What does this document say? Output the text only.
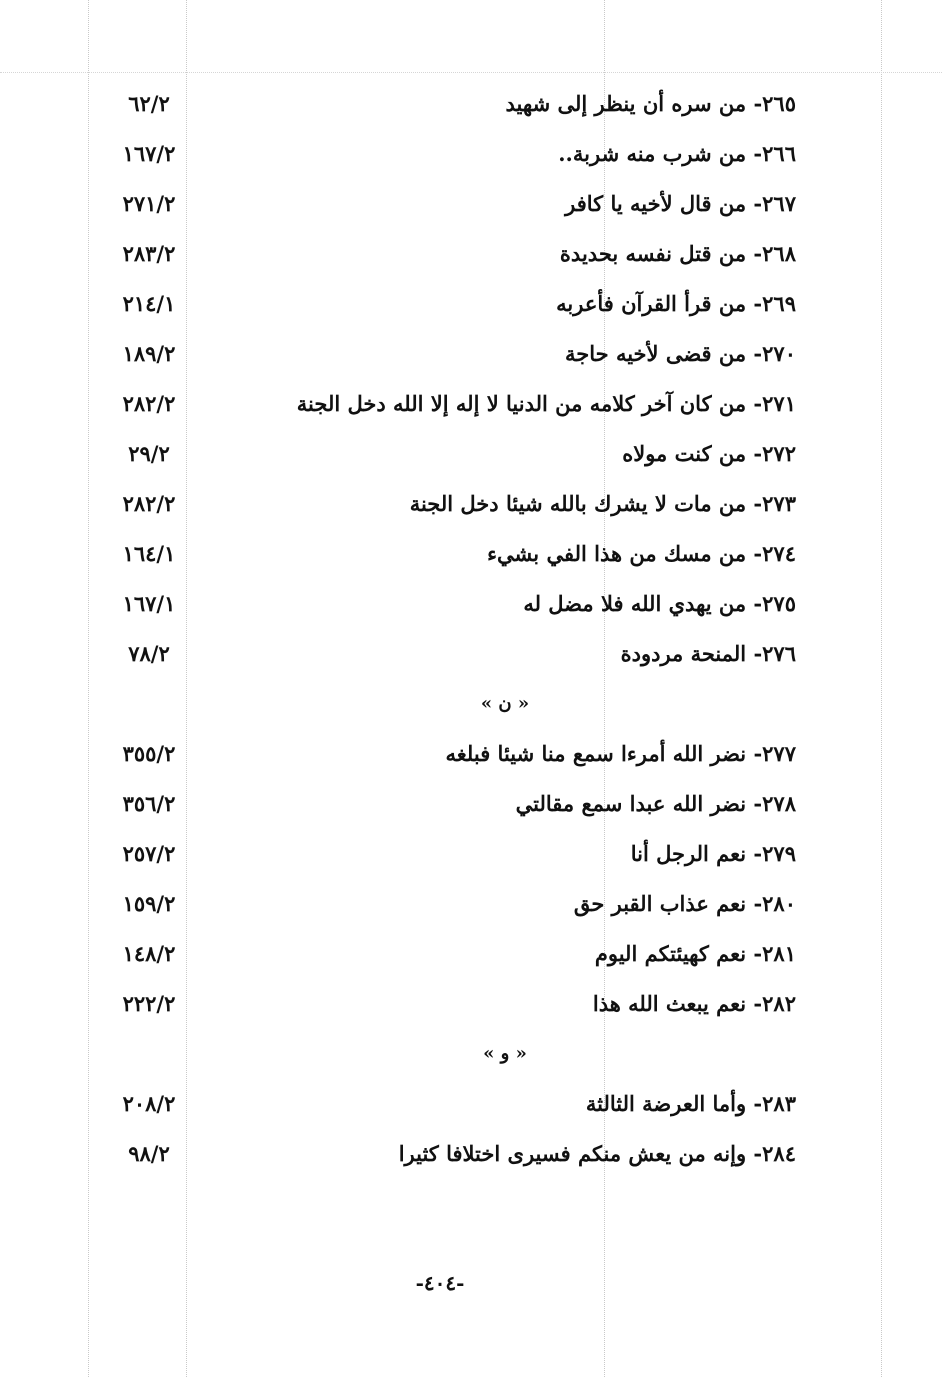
٢٦٥- من سره أن ينظر إلى شهيد
٦٢/٢
٢٦٦- من شرب منه شربة..
١٦٧/٢
٢٦٧- من قال لأخيه يا كافر
٢٧١/٢
٢٦٨- من قتل نفسه بحديدة
٢٨٣/٢
٢٦٩- من قرأ القرآن فأعربه
٢١٤/١
٢٧٠- من قضى لأخيه حاجة
١٨٩/٢
٢٧١- من كان آخر كلامه من الدنيا لا إله إلا الله دخل الجنة
٢٨٢/٢
٢٧٢- من كنت مولاه
٢٩/٢
٢٧٣- من مات لا يشرك بالله شيئا دخل الجنة
٢٨٢/٢
٢٧٤- من مسك من هذا الفي بشيء
١٦٤/١
٢٧٥- من يهدي الله فلا مضل له
١٦٧/١
٢٧٦- المنحة مردودة
٧٨/٢
« ن »
٢٧٧- نضر الله أمرءا سمع منا شيئا فبلغه
٣٥٥/٢
٢٧٨- نضر الله عبدا سمع مقالتي
٣٥٦/٢
٢٧٩- نعم الرجل أنا
٢٥٧/٢
٢٨٠- نعم عذاب القبر حق
١٥٩/٢
٢٨١- نعم كهيئتكم اليوم
١٤٨/٢
٢٨٢- نعم يبعث الله هذا
٢٢٢/٢
« و »
٢٨٣- وأما العرضة الثالثة
٢٠٨/٢
٢٨٤- وإنه من يعش منكم فسيرى اختلافا كثيرا
٩٨/٢
-٤٠٤-
